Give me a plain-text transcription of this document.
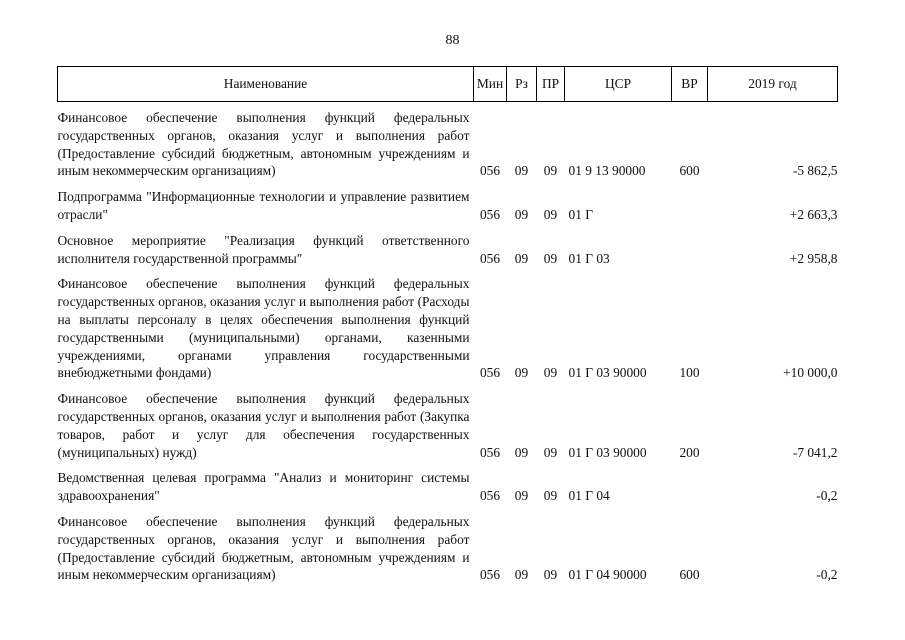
88
Наименование	Мин	Рз	ПР	ЦСР	ВР	2019 год
Финансовое обеспечение выполнения функций федеральных государственных органов, оказания услуг и выполнения работ (Предоставление субсидий бюджетным, автономным учреждениям и иным некоммерческим организациям)	056	09	09	01 9 13 90000	600	-5 862,5
Подпрограмма "Информационные технологии и управление развитием отрасли"	056	09	09	01 Г		+2 663,3
Основное мероприятие "Реализация функций ответственного исполнителя государственной программы"	056	09	09	01 Г 03		+2 958,8
Финансовое обеспечение выполнения функций федеральных государственных органов, оказания услуг и выполнения работ (Расходы на выплаты персоналу в целях обеспечения выполнения функций государственными (муниципальными) органами, казенными учреждениями, органами управления государственными внебюджетными фондами)	056	09	09	01 Г 03 90000	100	+10 000,0
Финансовое обеспечение выполнения функций федеральных государственных органов, оказания услуг и выполнения работ (Закупка товаров, работ и услуг для обеспечения государственных (муниципальных) нужд)	056	09	09	01 Г 03 90000	200	-7 041,2
Ведомственная целевая программа "Анализ и мониторинг системы здравоохранения"	056	09	09	01 Г 04		-0,2
Финансовое обеспечение выполнения функций федеральных государственных органов, оказания услуг и выполнения работ (Предоставление субсидий бюджетным, автономным учреждениям и иным некоммерческим организациям)	056	09	09	01 Г 04 90000	600	-0,2
